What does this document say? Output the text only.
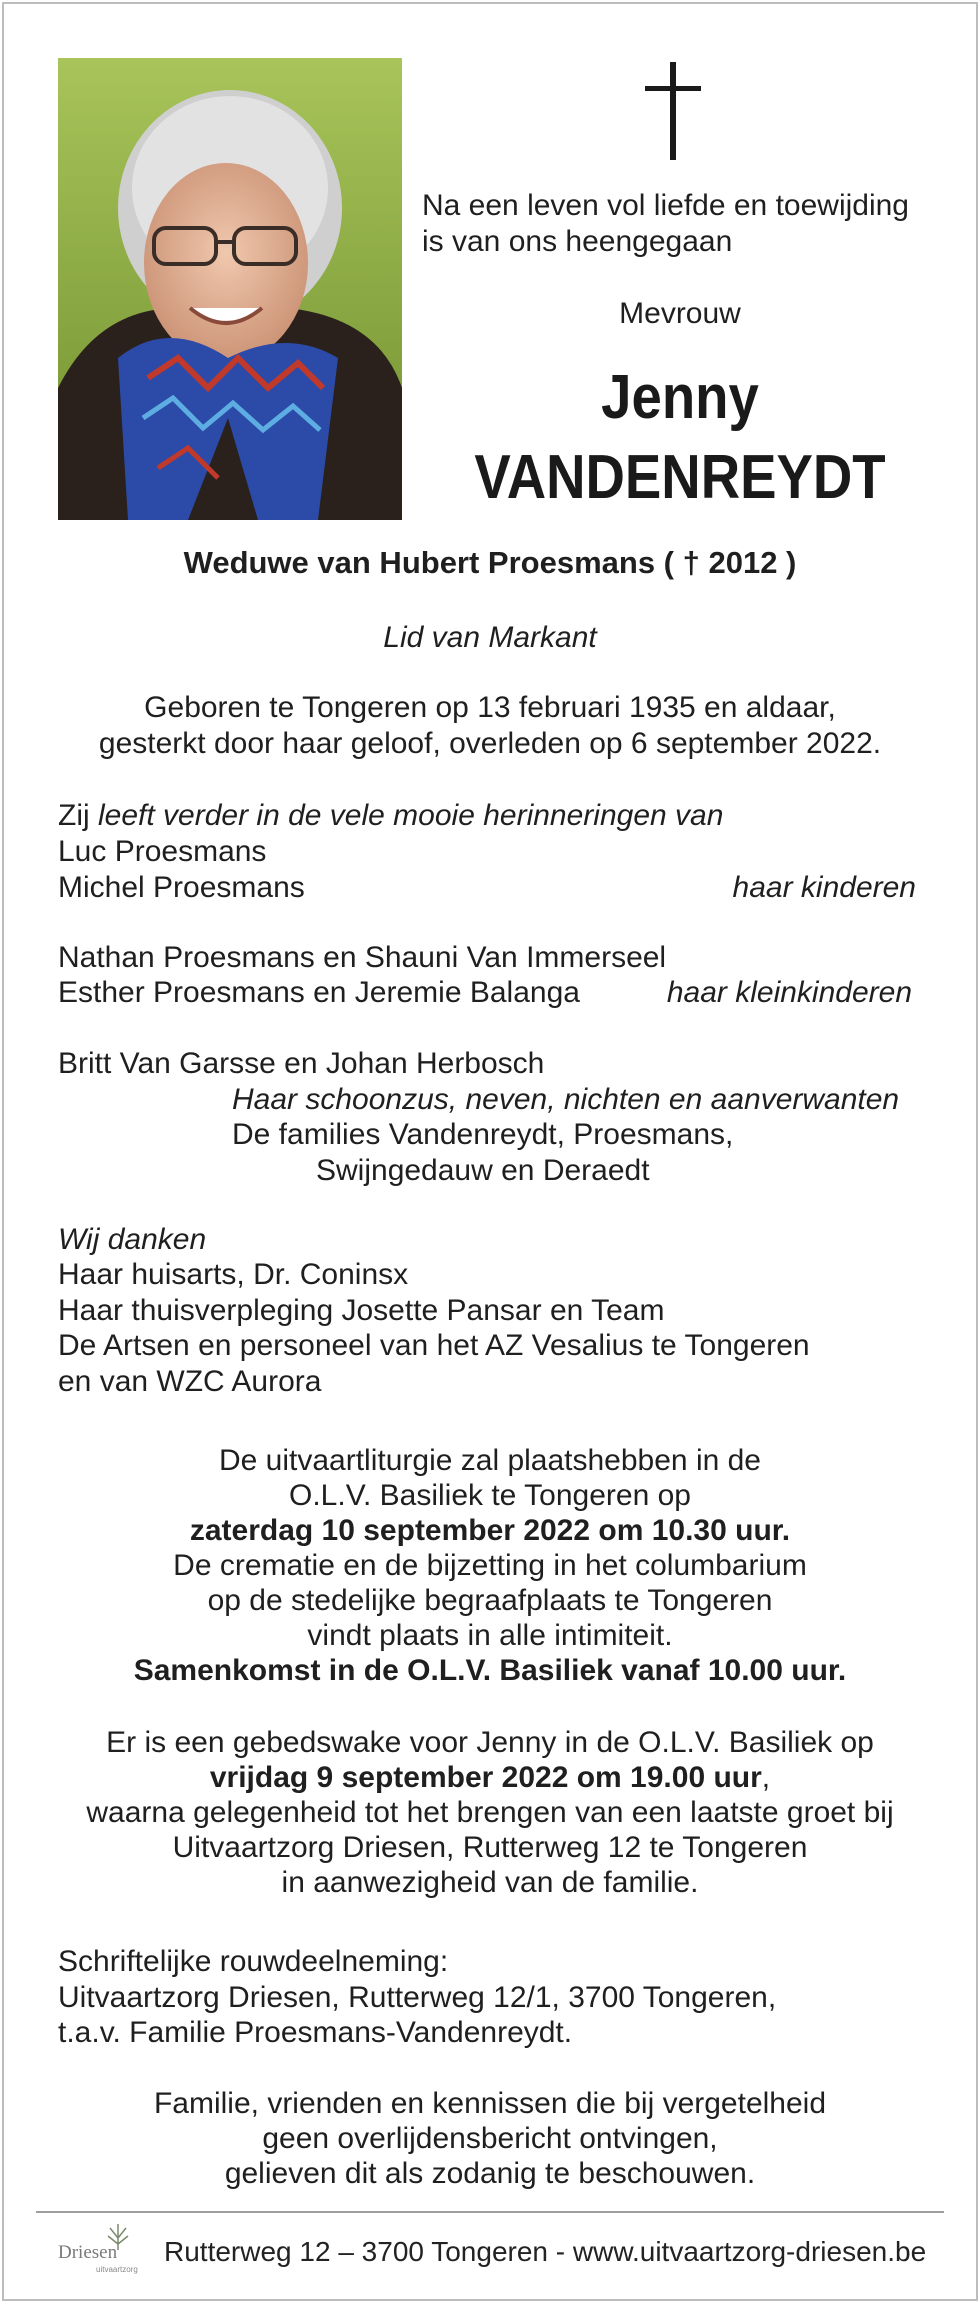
Na een leven vol liefde en toewijding
is van ons heengegaan
Mevrouw
Jenny
VANDENREYDT
Weduwe van Hubert Proesmans ( † 2012 )
Lid van Markant
Geboren te Tongeren op 13 februari 1935 en aldaar,
gesterkt door haar geloof, overleden op 6 september 2022.
Zij leeft verder in de vele mooie herinneringen van
Luc Proesmans
Michel Proesmans	haar kinderen
Nathan Proesmans en Shauni Van Immerseel
Esther Proesmans en Jeremie Balanga	haar kleinkinderen
Britt Van Garsse en Johan Herbosch
Haar schoonzus, neven, nichten en aanverwanten
De families Vandenreydt, Proesmans,
Swijngedauw en Deraedt
Wij danken
Haar huisarts, Dr. Coninsx
Haar thuisverpleging Josette Pansar en Team
De Artsen en personeel van het AZ Vesalius te Tongeren
en van WZC Aurora
De uitvaartliturgie zal plaatshebben in de
O.L.V. Basiliek te Tongeren op
zaterdag 10 september 2022 om 10.30 uur.
De crematie en de bijzetting in het columbarium
op de stedelijke begraafplaats te Tongeren
vindt plaats in alle intimiteit.
Samenkomst in de O.L.V. Basiliek vanaf 10.00 uur.
Er is een gebedswake voor Jenny in de O.L.V. Basiliek op
vrijdag 9 september 2022 om 19.00 uur,
waarna gelegenheid tot het brengen van een laatste groet bij
Uitvaartzorg Driesen, Rutterweg 12 te Tongeren
in aanwezigheid van de familie.
Schriftelijke rouwdeelneming:
Uitvaartzorg Driesen, Rutterweg 12/1, 3700 Tongeren,
t.a.v. Familie Proesmans-Vandenreydt.
Familie, vrienden en kennissen die bij vergetelheid
geen overlijdensbericht ontvingen,
gelieven dit als zodanig te beschouwen.
Driesen
uitvaartzorg
Rutterweg 12 – 3700 Tongeren - www.uitvaartzorg-driesen.be
